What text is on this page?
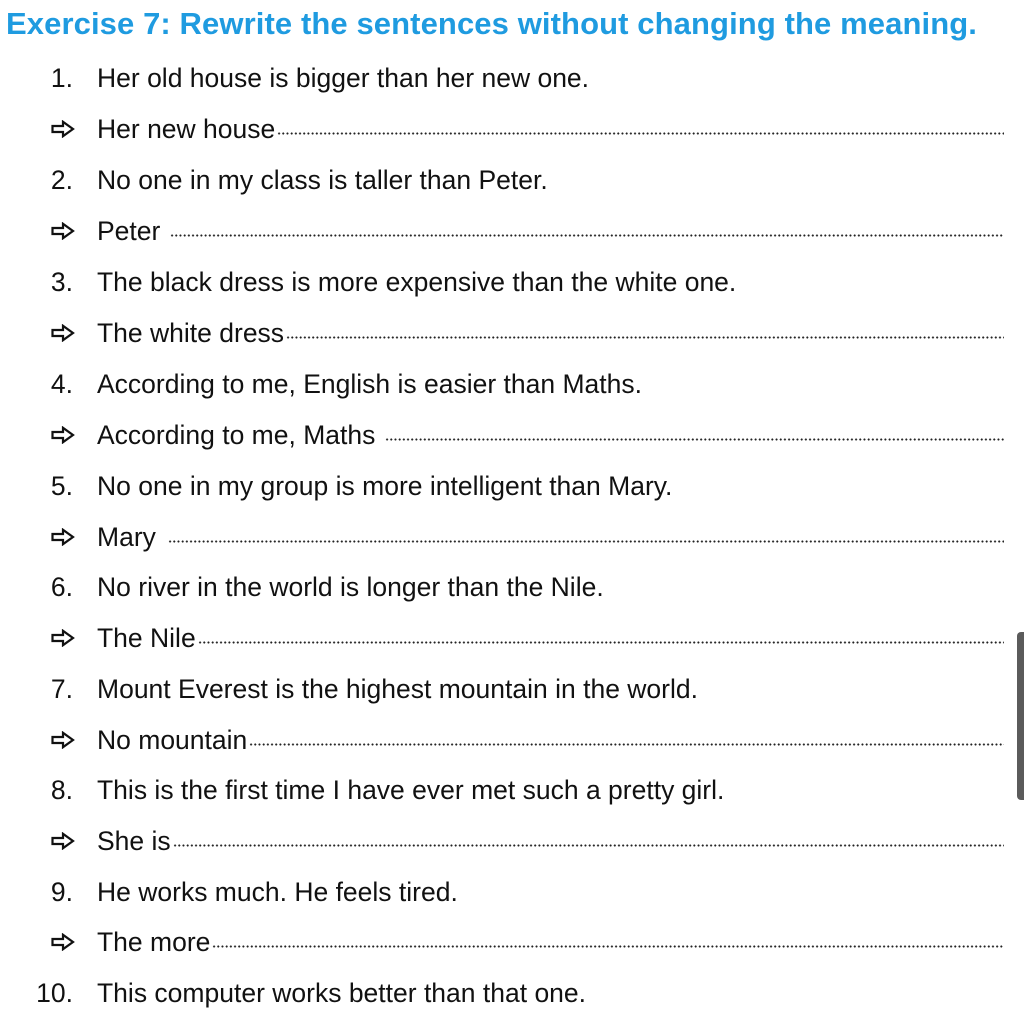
Exercise 7: Rewrite the sentences without changing the meaning.
1. Her old house is bigger than her new one.
Her new house
2. No one in my class is taller than Peter.
Peter
3. The black dress is more expensive than the white one.
The white dress
4. According to me, English is easier than Maths.
According to me, Maths
5. No one in my group is more intelligent than Mary.
Mary
6. No river in the world is longer than the Nile.
The Nile
7. Mount Everest is the highest mountain in the world.
No mountain
8. This is the first time I have ever met such a pretty girl.
She is
9. He works much. He feels tired.
The more
10. This computer works better than that one.
